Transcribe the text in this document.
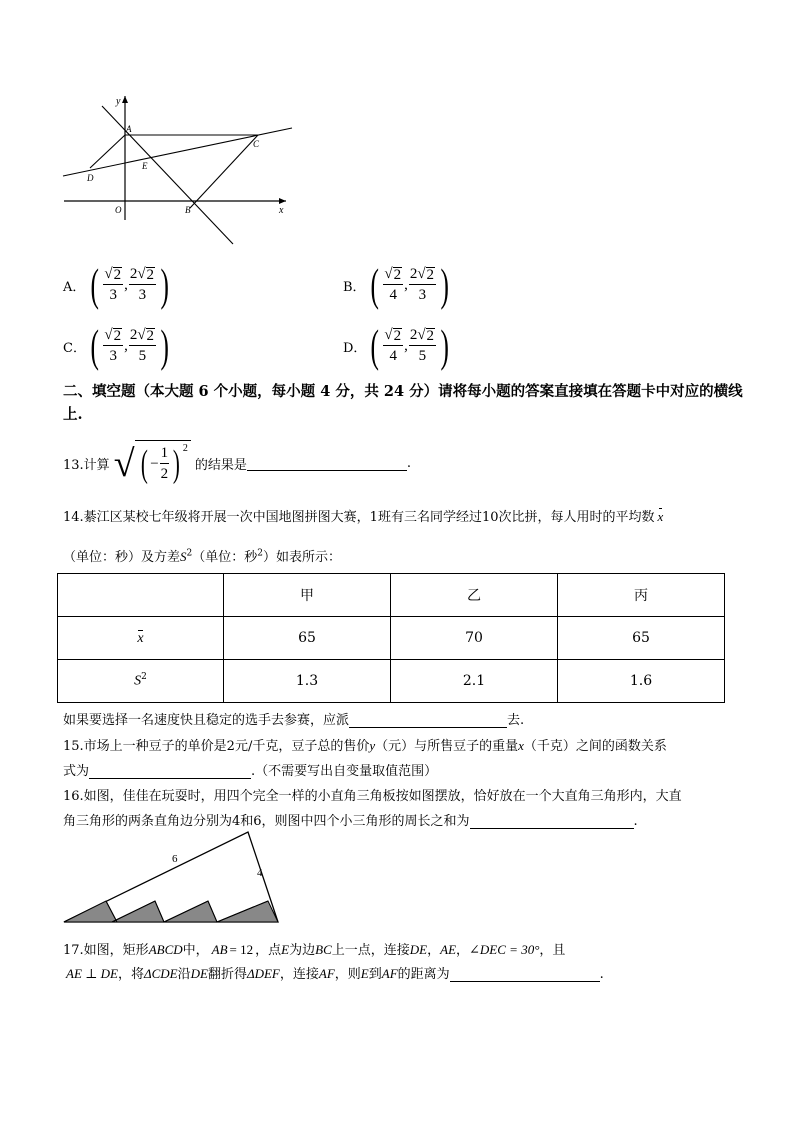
y
x
A
C
E
D
O	B
A． ( $\frac{√ 2}{3}$ , $\frac{2 √ 2}{3}$ )	B． ( $\frac{√ 2}{4}$ , $\frac{2 √ 2}{3}$ )
C． ( $\frac{√ 2}{3}$ , $\frac{2 √ 2}{5}$ )	D． ( $\frac{√ 2}{4}$ , $\frac{2 √ 2}{5}$ )
二、填空题（本大题 6 个小题，每小题 4 分，共 24 分）请将每小题的答案直接填在答题卡中对应的横线上.
13.计算 √ ( − $\frac{1}{2}$ ) $^2$
的结果是	.
14.綦江区某校七年级将开展一次中国地图拼图大赛，1班有三名同学经过10次比拼，每人用时的平均数 x
（单位：秒）及方差$S^2$（单位：秒$^2$）如表所示：
	甲	乙	丙
x	65	70	65
$S^2$	1.3	2.1	1.6
如果要选择一名速度快且稳定的选手去参赛，应派	去.
15.市场上一种豆子的单价是2元/千克，豆子总的售价y（元）与所售豆子的重量x（千克）之间的函数关系
式为	.（不需要写出自变量取值范围）
16.如图，佳佳在玩耍时，用四个完全一样的小直角三角板按如图摆放，恰好放在一个大直角三角形内，大直
角三角形的两条直角边分别为4和6，则图中四个小三角形的周长之和为	.
6
4
17.如图，矩形ABCD中， AB = 12 ，点E为边BC上一点，连接DE，AE，∠DEC = 30°，且
AE ⊥ DE，将ΔCDE沿DE翻折得ΔDEF，连接AF，则E到AF的距离为	.
